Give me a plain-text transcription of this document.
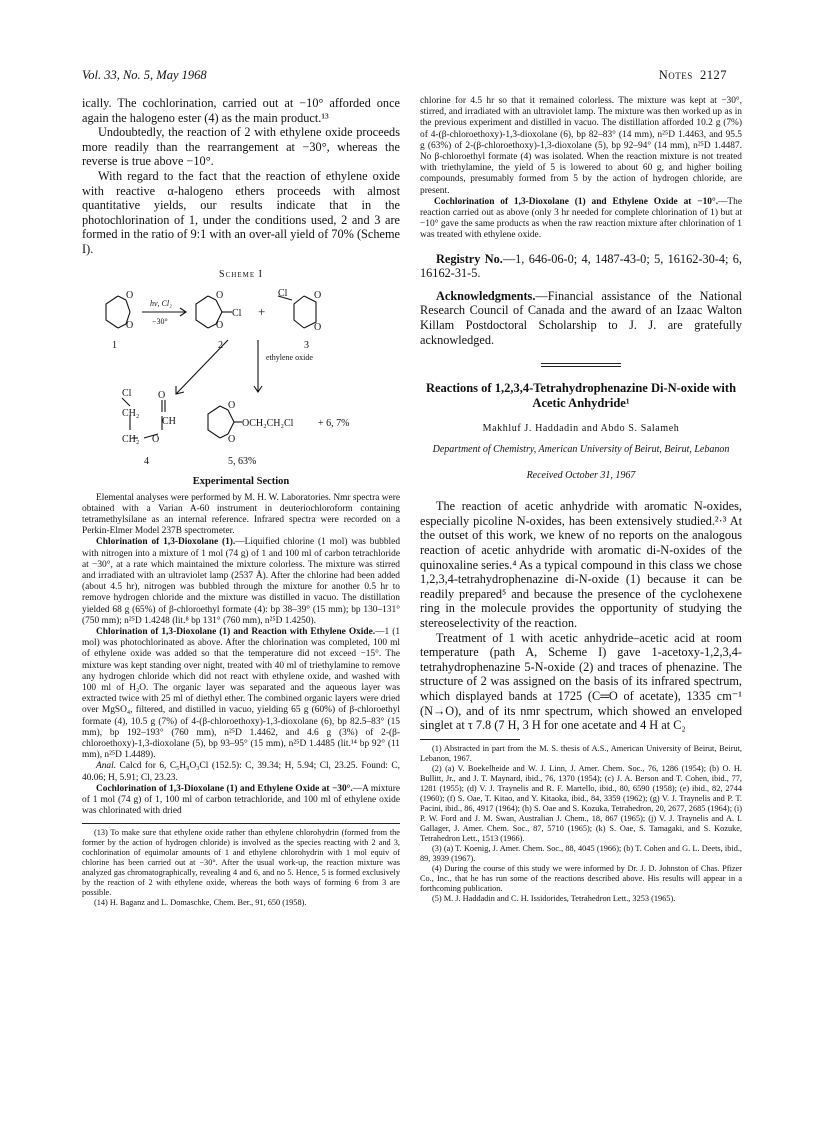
Vol. 33, No. 5, May 1968	Notes 2127

ically. The cochlorination, carried out at −10° afforded once again the halogeno ester (4) as the main product.¹³

Undoubtedly, the reaction of 2 with ethylene oxide proceeds more readily than the rearrangement at −30°, whereas the reverse is true above −10°.

With regard to the fact that the reaction of ethylene oxide with reactive α-halogeno ethers proceeds with almost quantitative yields, our results indicate that in the photochlorination of 1, under the conditions used, 2 and 3 are formed in the ratio of 9:1 with an over-all yield of 70% (Scheme I).

Scheme I
O
O
hν, Cl₂
−30°
O
O
Cl +
Cl	O
O
1	2	3
ethylene oxide
Cl	O
CH₂
CH
CH₂ O
4
O
O
OCH₂CH₂Cl + 6, 7%
5, 63%
Experimental Section

Elemental analyses were performed by M. H. W. Laboratories. Nmr spectra were obtained with a Varian A-60 instrument in deuteriochloroform containing tetramethylsilane as an internal reference. Infrared spectra were recorded on a Perkin-Elmer Model 237B spectrometer.

Chlorination of 1,3-Dioxolane (1).—Liquified chlorine (1 mol) was bubbled with nitrogen into a mixture of 1 mol (74 g) of 1 and 100 ml of carbon tetrachloride at −30°, at a rate which maintained the mixture colorless. The mixture was stirred and irradiated with an ultraviolet lamp (2537 Å). After the chlorine had been added (about 4.5 hr), nitrogen was bubbled through the mixture for another 0.5 hr to remove hydrogen chloride and the mixture was distilled in vacuo. The distillation yielded 68 g (65%) of β-chloroethyl formate (4): bp 38–39° (15 mm); bp 130–131° (750 mm); n²⁵D 1.4248 (lit.⁸ bp 131° (760 mm), n²⁵D 1.4250).

Chlorination of 1,3-Dioxolane (1) and Reaction with Ethylene Oxide.—1 (1 mol) was photochlorinated as above. After the chlorination was completed, 100 ml of ethylene oxide was added so that the temperature did not exceed −15°. The mixture was kept standing over night, treated with 40 ml of triethylamine to remove any hydrogen chloride which did not react with ethylene oxide, and washed with 100 ml of H₂O. The organic layer was separated and the aqueous layer was extracted twice with 25 ml of diethyl ether. The combined organic layers were dried over MgSO₄, filtered, and distilled in vacuo, yielding 65 g (60%) of β-chloroethyl formate (4), 10.5 g (7%) of 4-(β-chloroethoxy)-1,3-dioxolane (6), bp 82.5–83° (15 mm), bp 192–193° (760 mm), n²⁵D 1.4462, and 4.6 g (3%) of 2-(β-chloroethoxy)-1,3-dioxolane (5), bp 93–95° (15 mm), n²⁵D 1.4485 (lit.¹⁴ bp 92° (11 mm), n²⁵D 1.4489).

Anal. Calcd for 6, C₅H₉O₃Cl (152.5): C, 39.34; H, 5.94; Cl, 23.25. Found: C, 40.06; H, 5.91; Cl, 23.23.

Cochlorination of 1,3-Dioxolane (1) and Ethylene Oxide at −30°.—A mixture of 1 mol (74 g) of 1, 100 ml of carbon tetrachloride, and 100 ml of ethylene oxide was chlorinated with dried

(13) To make sure that ethylene oxide rather than ethylene chlorohydrin (formed from the former by the action of hydrogen chloride) is involved as the species reacting with 2 and 3, cochlorination of equimolar amounts of 1 and ethylene chlorohydrin with 1 mol equiv of chlorine has been carried out at −30°. After the usual work-up, the reaction mixture was analyzed gas chromatographically, revealing 4 and 6, and no 5. Hence, 5 is formed exclusively by the reaction of 2 with ethylene oxide, whereas the both ways of forming 6 from 3 are possible.

(14) H. Baganz and L. Domaschke, Chem. Ber., 91, 650 (1958).

chlorine for 4.5 hr so that it remained colorless. The mixture was kept at −30°, stirred, and irradiated with an ultraviolet lamp. The mixture was then worked up as in the previous experiment and distilled in vacuo. The distillation afforded 10.2 g (7%) of 4-(β-chloroethoxy)-1,3-dioxolane (6), bp 82–83° (14 mm), n²⁵D 1.4463, and 95.5 g (63%) of 2-(β-chloroethoxy)-1,3-dioxolane (5), bp 92–94° (14 mm), n²⁵D 1.4487. No β-chloroethyl formate (4) was isolated. When the reaction mixture is not treated with triethylamine, the yield of 5 is lowered to about 60 g, and higher boiling compounds, presumably formed from 5 by the action of hydrogen chloride, are present.

Cochlorination of 1,3-Dioxolane (1) and Ethylene Oxide at −10°.—The reaction carried out as above (only 3 hr needed for complete chlorination of 1) but at −10° gave the same products as when the raw reaction mixture after chlorination of 1 was treated with ethylene oxide.

Registry No.—1, 646-06-0; 4, 1487-43-0; 5, 16162-30-4; 6, 16162-31-5.

Acknowledgments.—Financial assistance of the National Research Council of Canada and the award of an Izaac Walton Killam Postdoctoral Scholarship to J. J. are gratefully acknowledged.

Reactions of 1,2,3,4-Tetrahydrophenazine Di-N-oxide with Acetic Anhydride¹
Makhluf J. Haddadin and Abdo S. Salameh
Department of Chemistry, American University of Beirut, Beirut, Lebanon
Received October 31, 1967

The reaction of acetic anhydride with aromatic N-oxides, especially picoline N-oxides, has been extensively studied.²·³ At the outset of this work, we knew of no reports on the analogous reaction of acetic anhydride with aromatic di-N-oxides of the quinoxaline series.⁴ As a typical compound in this class we chose 1,2,3,4-tetrahydrophenazine di-N-oxide (1) because it can be readily prepared⁵ and because the presence of the cyclohexene ring in the molecule provides the opportunity of studying the stereoselectivity of the reaction.

Treatment of 1 with acetic anhydride–acetic acid at room temperature (path A, Scheme I) gave 1-acetoxy-1,2,3,4-tetrahydrophenazine 5-N-oxide (2) and traces of phenazine. The structure of 2 was assigned on the basis of its infrared spectrum, which displayed bands at 1725 (C═O of acetate), 1335 cm⁻¹ (N→O), and of its nmr spectrum, which showed an enveloped singlet at τ 7.8 (7 H, 3 H for one acetate and 4 H at C₂

(1) Abstracted in part from the M. S. thesis of A.S., American University of Beirut, Beirut, Lebanon, 1967.

(2) (a) V. Boekelheide and W. J. Linn, J. Amer. Chem. Soc., 76, 1286 (1954); (b) O. H. Bullitt, Jr., and J. T. Maynard, ibid., 76, 1370 (1954); (c) J. A. Berson and T. Cohen, ibid., 77, 1281 (1955); (d) V. J. Traynelis and R. F. Martello, ibid., 80, 6590 (1958); (e) ibid., 82, 2744 (1960); (f) S. Oae, T. Kitao, and Y. Kitaoka, ibid., 84, 3359 (1962); (g) V. J. Traynelis and P. T. Pacini, ibid., 86, 4917 (1964); (h) S. Oae and S. Kozuka, Tetrahedron, 20, 2677, 2685 (1964); (i) P. W. Ford and J. M. Swan, Australian J. Chem., 18, 867 (1965); (j) V. J. Traynelis and A. I. Gallager, J. Amer. Chem. Soc., 87, 5710 (1965); (k) S. Oae, S. Tamagaki, and S. Kozuke, Tetrahedron Lett., 1513 (1966).

(3) (a) T. Koenig, J. Amer. Chem. Soc., 88, 4045 (1966); (b) T. Cohen and G. L. Deets, ibid., 89, 3939 (1967).

(4) During the course of this study we were informed by Dr. J. D. Johnston of Chas. Pfizer Co., Inc., that he has run some of the reactions described above. His results will appear in a forthcoming publication.

(5) M. J. Haddadin and C. H. Issidorides, Tetrahedron Lett., 3253 (1965).
